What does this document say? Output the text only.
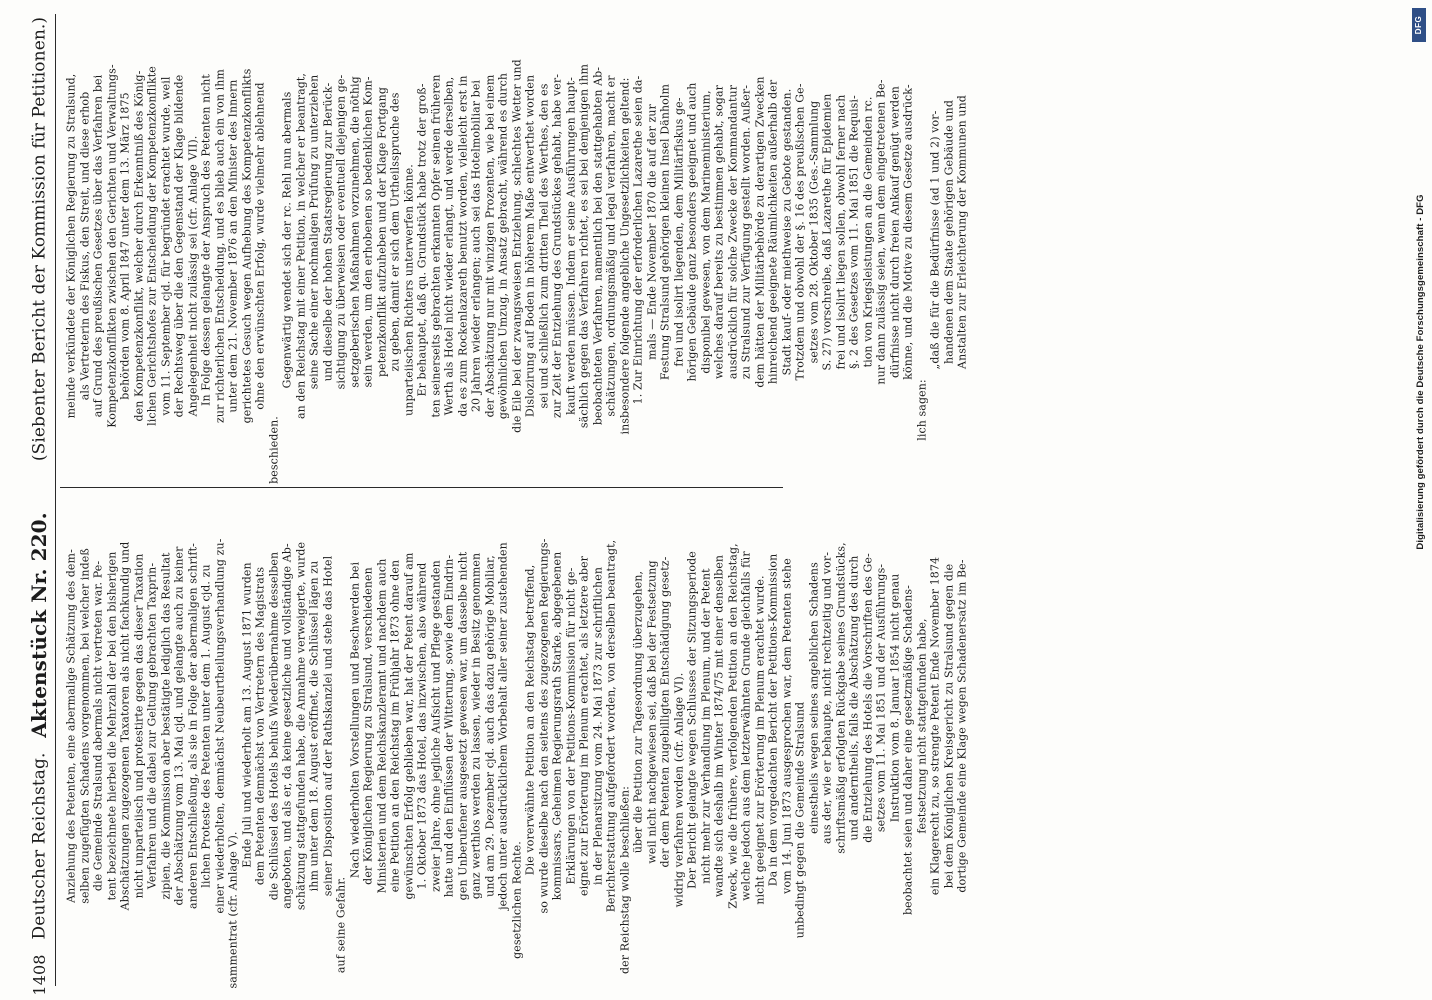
1408
Deutscher Reichstag.
Aktenstück Nr. 220.
(Siebenter Bericht der Kommission für Petitionen.)
Anziehung des Petenten, eine abermalige Schätzung des dem- selben zugefügten Schadens vorgenommen, bei welcher indeß die Gemeinde Stralsund abermals nicht vertreten war. Pe- tent bezeichnete hierbei die Mehrzahl der bei den bisherigen Abschätzungen zugezogenen Taxatoren als nicht fachkundig und nicht unparteiisch und protestirte gegen das dieser Taxation Verfahren und die dabei zur Geltung gebrachten Taxprin- zipien, die Kommission aber bestätigte lediglich das Resultat der Abschätzung vom 13. Mai cjd. und gelangte auch zu keiner anderen Entschließung, als sie in Folge der abermaligen schrift- lichen Proteste des Petenten unter dem 1. August cjd. zu einer wiederholten, demnächst Neubeurtheilungsverhandlung zu- sammentrat (cfr. Anlage V).
Ende Juli und wiederholt am 13. August 1871 wurden dem Petenten demnächst von Vertretern des Magistrats die Schlüssel des Hotels behufs Wiederübernahme desselben angeboten, und als er, da keine gesetzliche und vollständige Ab- schätzung stattgefunden habe, die Annahme verweigerte, wurde ihm unter dem 18. August eröffnet, die Schlüssel lägen zu seiner Disposition auf der Rathskanzlei und stehe das Hotel
auf seine Gefahr.
Nach wiederholten Vorstellungen und Beschwerden bei der Königlichen Regierung zu Stralsund, verschiedenen Ministerien und dem Reichskanzleramt und nachdem auch eine Petition an den Reichstag im Frühjahr 1873 ohne den gewünschten Erfolg geblieben war, hat der Petent darauf am 1. Oktober 1873 das Hotel, das inzwischen, also während zweier Jahre, ohne jegliche Aufsicht und Pflege gestanden hatte und den Einflüssen der Witterung, sowie dem Eindrin- gen Unberufener ausgesetzt gewesen war, um dasselbe nicht ganz werthlos werden zu lassen, wieder in Besitz genommen und am 29. Dezember cjd. auch das dazu gehörige Mobiliar, jedoch unter ausdrücklichem Vorbehalt aller seiner zustehenden gesetzlichen Rechte.
Die vorerwähnte Petition an den Reichstag betreffend, so wurde dieselbe nach den seitens des zugezogenen Regierungs- kommissars, Geheimen Regierungsrath Starke, abgegebenen Erklärungen von der Petitions-Kommission für nicht ge- eignet zur Erörterung im Plenum erachtet, als letztere aber in der Plenarsitzung vom 24. Mai 1873 zur schriftlichen Berichterstattung aufgefordert worden, von derselben beantragt, der Reichstag wolle beschließen:
über die Petition zur Tagesordnung überzugehen, weil nicht nachgewiesen sei, daß bei der Festsetzung der dem Petenten zugebilligten Entschädigung gesetz- widrig verfahren worden (cfr. Anlage VI). Der Bericht gelangte wegen Schlusses der Sitzungsperiode nicht mehr zur Verhandlung im Plenum, und der Petent wandte sich deshalb im Winter 1874/75 mit einer denselben Zweck, wie die frühere, verfolgenden Petition an den Reichstag, welche jedoch aus dem letzterwähnten Grunde gleichfalls für nicht geeignet zur Erörterung im Plenum erachtet wurde. Da in dem vorgedachten Bericht der Petitions-Kommission vom 14. Juni 1873 ausgesprochen war, dem Petenten stehe unbedingt gegen die Gemeinde Stralsund einestheils wegen seines angeblichen Schadens aus der, wie er behaupte, nicht rechtzeitig und vor- schriftsmäßig erfolgten Rückgabe seines Grundstücks, und anderntheils, falls die Abschätzung des durch die Entziehung des Hotels die Vorschriften des Ge- setzes vom 11. Mai 1851 und der Ausführungs- Instruktion vom 8. Januar 1854 nicht genau beobachtet seien und daher eine gesetzmäßige Schadens- festsetzung nicht stattgefunden habe, ein Klagerecht zu, so strengte Petent Ende November 1874 bei dem Königlichen Kreisgericht zu Stralsund gegen die dortige Gemeinde eine Klage wegen Schadenersatz im Be-
meinde verkündete der Königlichen Regierung zu Stralsund, als Vertreterin des Fiskus, den Streit, und diese erhob auf Grund des preußischen Gesetzes über das Verfahren bei Kompetenzkonflikten zwischen den Gerichten und Verwaltungs- behörden vom 8. April 1847 unter dem 13. März 1875 den Kompetenzkonflikt, welcher durch Erkenntniß des König- lichen Gerichtshofes zur Entscheidung der Kompetenzkonflikte vom 11. September cjd. für begründet erachtet wurde, weil der Rechtsweg über die den Gegenstand der Klage bildende Angelegenheit nicht zulässig sei (cfr. Anlage VII). In Folge dessen gelangte der Anspruch des Petenten nicht zur richterlichen Entscheidung, und es blieb auch ein von ihm unter dem 21. November 1876 an den Minister des Innern gerichtetes Gesuch wegen Aufhebung des Kompetenzkonflikts ohne den erwünschten Erfolg, wurde vielmehr ablehnend
beschieden.
Gegenwärtig wendet sich der rc. Rehl nun abermals an den Reichstag mit einer Petition, in welcher er beantragt, seine Sache einer nochmaligen Prüfung zu unterziehen und dieselbe der hohen Staatsregierung zur Berück- sichtigung zu überweisen oder eventuell diejenigen ge- setzgeberischen Maßnahmen vorzunehmen, die nöthig sein werden, um den erhobenen so bedenklichen Kom- petenzkonflikt aufzuheben und der Klage Fortgang zu geben, damit er sich dem Urtheilsspruche des unparteiischen Richters unterwerfen könne. Er behauptet, daß qu. Grundstück habe trotz der groß- ten seinerseits gebrachten erkannten Opfer seinen früheren Werth als Hotel nicht wieder erlangt, und werde derselben, da es zum Rockenlazareth benutzt worden, vielleicht erst in 20 Jahren wieder erlangen; auch sei das Hotelmobiliar bei der Abschätzung nur mit winzigen Prozenten, wie bei einem gewöhnlichen Umzug, in Ansatz gebracht, während es durch die Eile bei der zwangsweisen Entziehung, schlechtes Wetter und Dislozirung auf Boden in höherem Maße entwerthet worden sei und schließlich zum dritten Theil des Werthes, den es zur Zeit der Entziehung des Grundstückes gehabt, habe ver- kauft werden müssen. Indem er seine Ausführungen haupt- sächlich gegen das Verfahren richtet, es sei bei demjenigen ihm beobachteten Verfahren, namentlich bei den stattgehabten Ab- schätzungen, ordnungsmäßig und legal verfahren, macht er insbesondere folgende angebliche Ungesetzlichkeiten geltend: 1. Zur Einrichtung der erforderlichen Lazarethe seien da- mals — Ende November 1870 die auf der zur Festung Stralsund gehörigen kleinen Insel Dänholm frei und isolirt liegenden, dem Militärfiskus ge- hörigen Gebäude ganz besonders geeignet und auch disponibel gewesen, von dem Marineministerium, welches darauf bereits zu bestimmen gehabt, sogar ausdrücklich für solche Zwecke der Kommandantur zu Stralsund zur Verfügung gestellt worden. Außer- dem hätten der Militärbehörde zu derartigen Zwecken hinreichend geeignete Räumlichkeiten außerhalb der Stadt kauf- oder miethweise zu Gebote gestanden. Trotzdem und obwohl der §. 16 des preußischen Ge- setzes vom 28. Oktober 1835 (Ges.-Sammlung S. 27) vorschreibe, daß Lazarethe für Epidemien frei und isolirt liegen sollen, obwohl ferner nach §. 2 des Gesetzes vom 11. Mai 1851 die Requisi- tion von Kriegsleistungen an die Gemeinden rc. nur dann zulässig seien, wenn dem eingetretenen Be- dürfnisse nicht durch freien Ankauf genügt werden könne, und die Motive zu diesem Gesetze ausdrück-
lich sagen:
„daß die für die Bedürfnisse (ad 1 und 2) vor- handenen dem Staate gehörigen Gebäude und Anstalten zur Erleichterung der Kommunen und	Digitalisierung gefördert durch die Deutsche Forschungsgemeinschaft - DFG
DFG
